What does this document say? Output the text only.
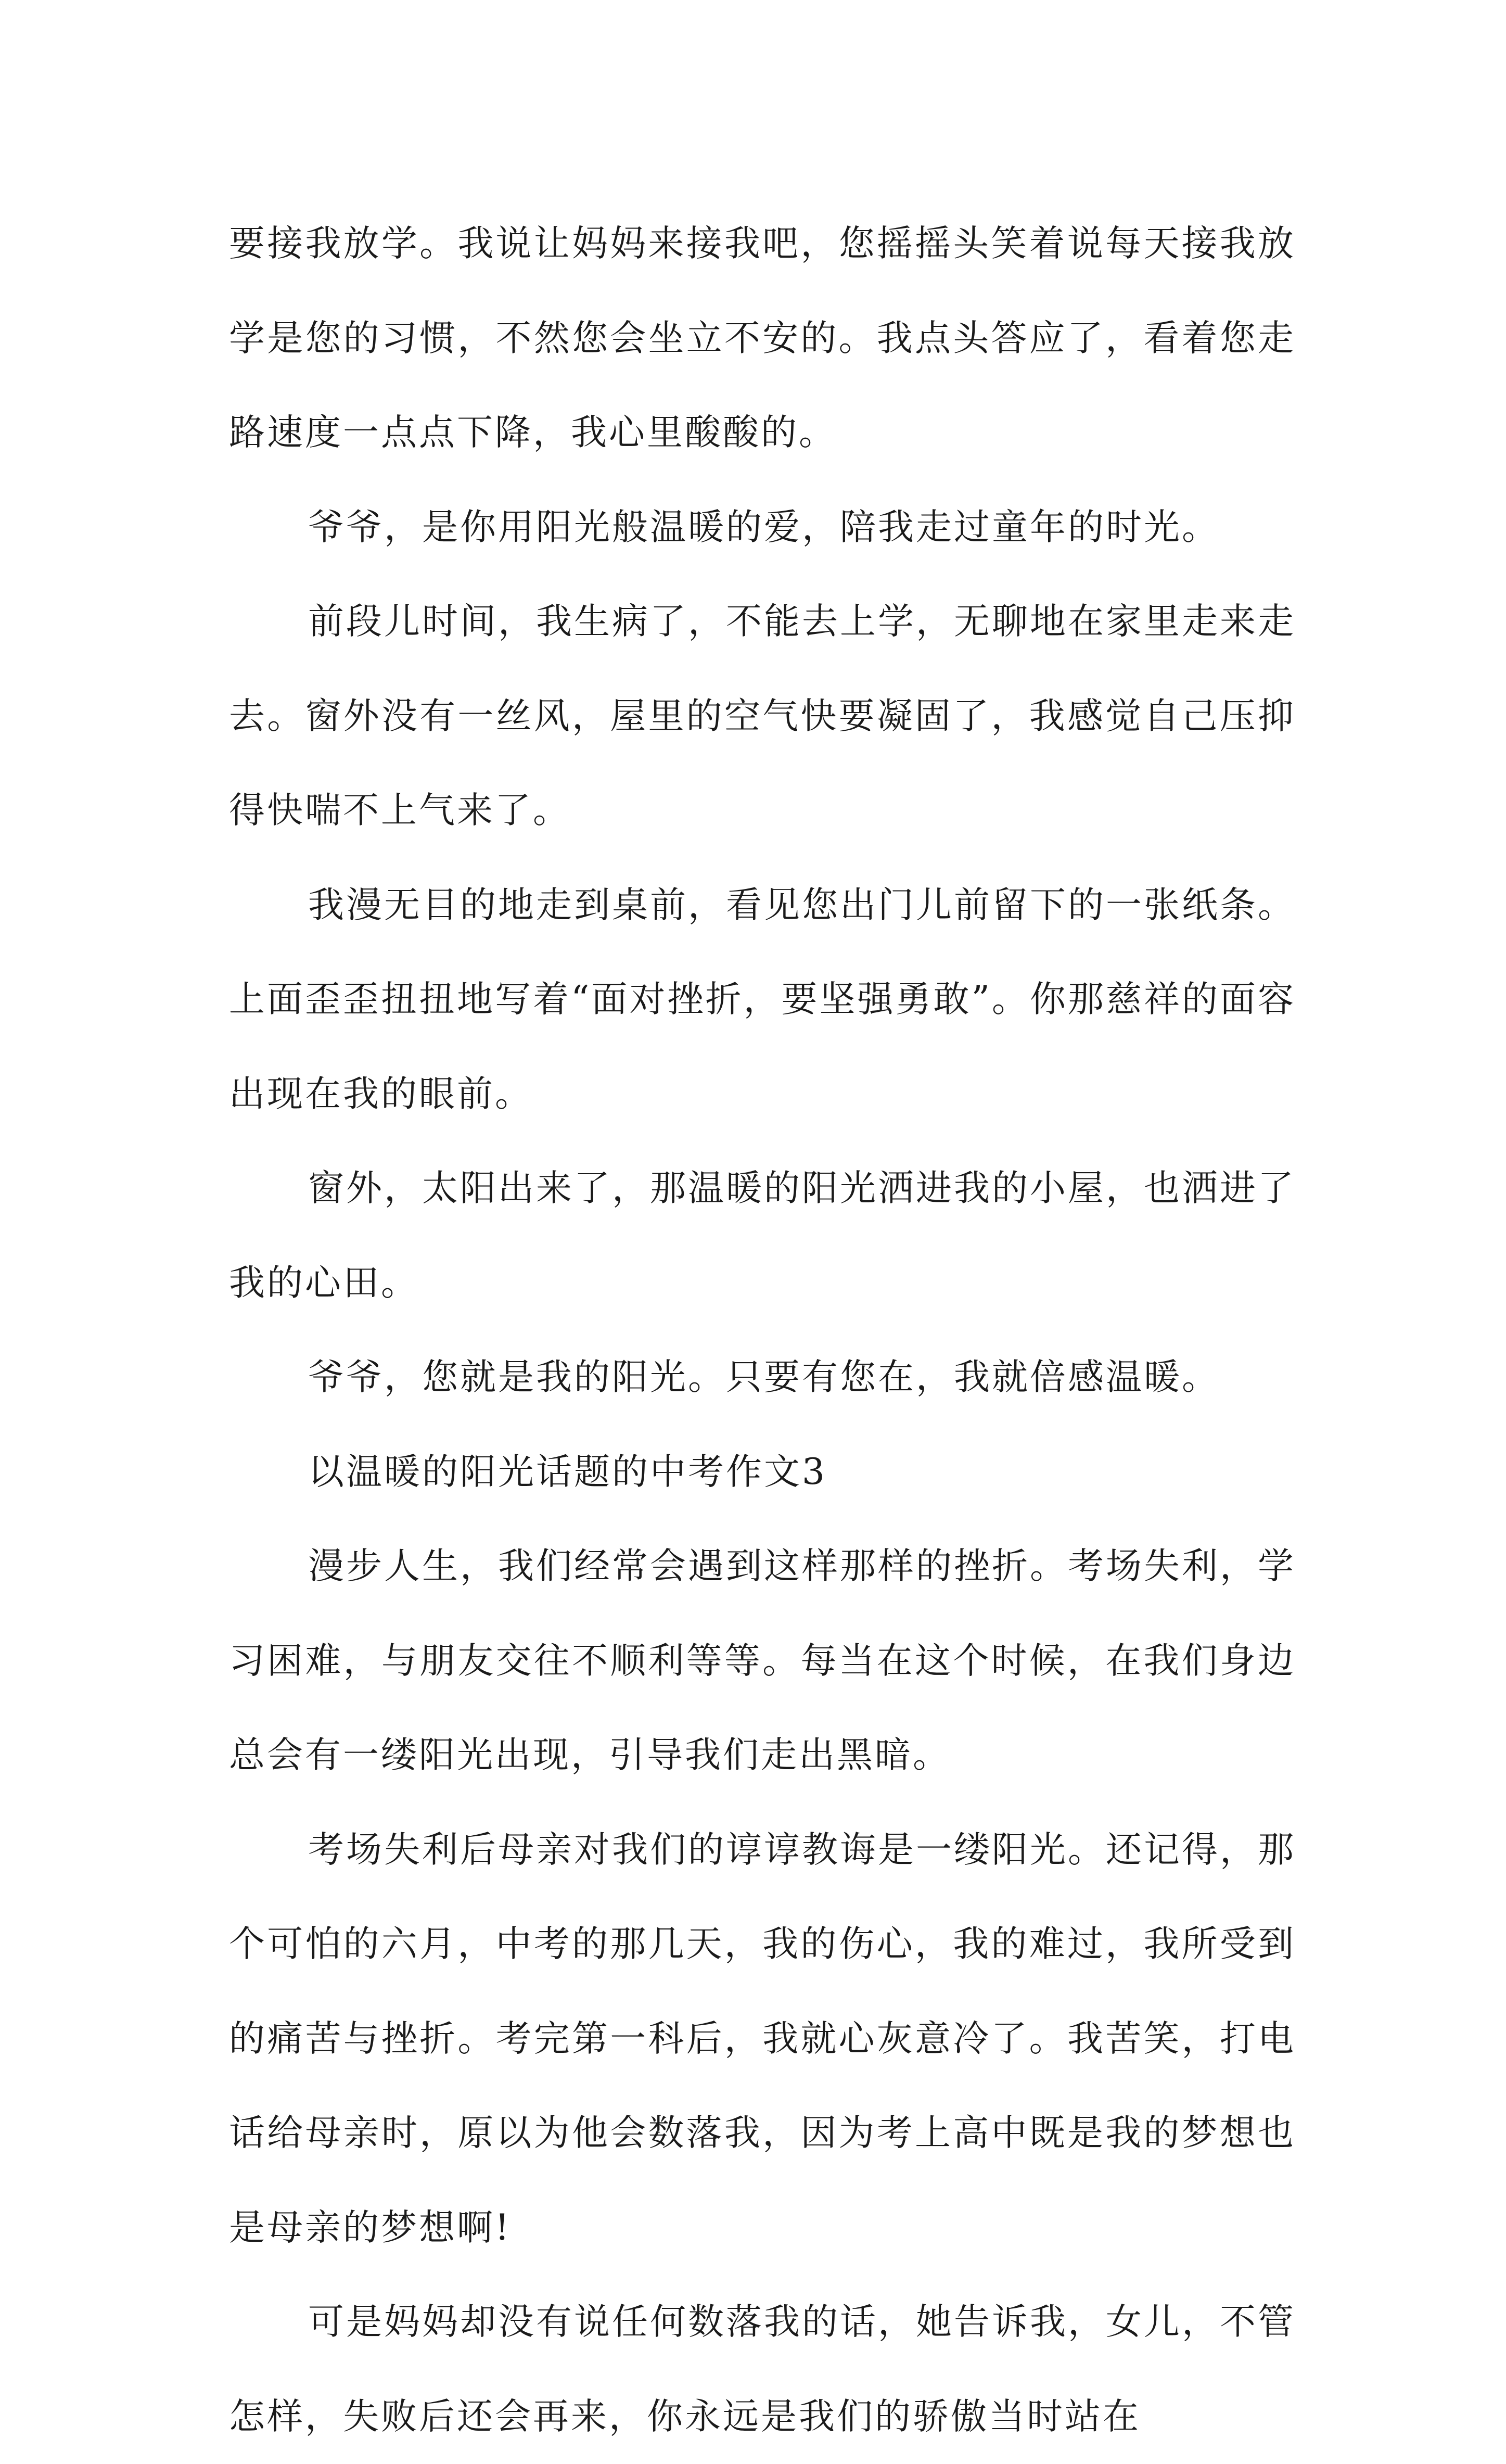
要接我放学。我说让妈妈来接我吧，您摇摇头笑着说每天接我放学是您的习惯，不然您会坐立不安的。我点头答应了，看着您走路速度一点点下降，我心里酸酸的。

爷爷，是你用阳光般温暖的爱，陪我走过童年的时光。

前段儿时间，我生病了，不能去上学，无聊地在家里走来走去。窗外没有一丝风，屋里的空气快要凝固了，我感觉自己压抑得快喘不上气来了。

我漫无目的地走到桌前，看见您出门儿前留下的一张纸条。上面歪歪扭扭地写着“面对挫折，要坚强勇敢”。你那慈祥的面容出现在我的眼前。

窗外，太阳出来了，那温暖的阳光洒进我的小屋，也洒进了我的心田。

爷爷，您就是我的阳光。只要有您在，我就倍感温暖。

以温暖的阳光话题的中考作文3

漫步人生，我们经常会遇到这样那样的挫折。考场失利，学习困难，与朋友交往不顺利等等。每当在这个时候，在我们身边总会有一缕阳光出现，引导我们走出黑暗。

考场失利后母亲对我们的谆谆教诲是一缕阳光。还记得，那个可怕的六月，中考的那几天，我的伤心，我的难过，我所受到的痛苦与挫折。考完第一科后，我就心灰意冷了。我苦笑，打电话给母亲时，原以为他会数落我，因为考上高中既是我的梦想也是母亲的梦想啊!

可是妈妈却没有说任何数落我的话，她告诉我，女儿，不管怎样，失败后还会再来，你永远是我们的骄傲当时站在
